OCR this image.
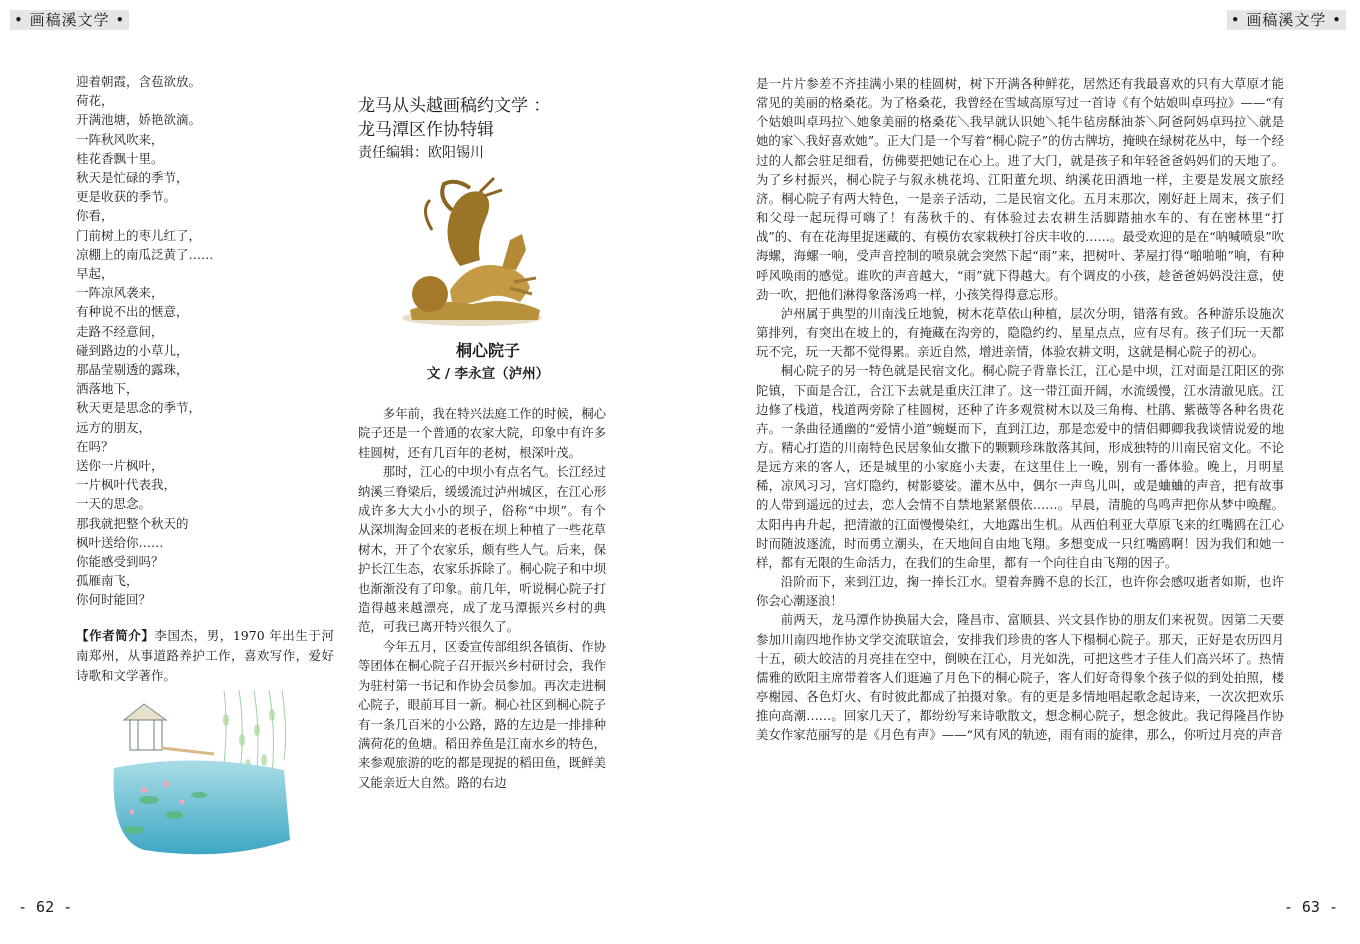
• 画稿溪文学 •	• 画稿溪文学 •
迎着朝霞，含苞欲放。
荷花，
开满池塘，娇艳欲滴。
一阵秋风吹来，
桂花香飘十里。
秋天是忙碌的季节，
更是收获的季节。
你看，
门前树上的枣儿红了，
凉棚上的南瓜泛黄了……
早起，
一阵凉风袭来，
有种说不出的惬意，
走路不经意间，
碰到路边的小草儿，
那晶莹剔透的露珠，
洒落地下，
秋天更是思念的季节，
远方的朋友，
在吗？
送你一片枫叶，
一片枫叶代表我，
一天的思念。
那我就把整个秋天的
枫叶送给你……
你能感受到吗？
孤雁南飞，
你何时能回？
【作者简介】李国杰，男，1970 年出生于河南郑州，从事道路养护工作，喜欢写作，爱好诗歌和文学著作。
龙马从头越画稿约文学 ：
龙马潭区作协特辑
责任编辑：欧阳锡川
桐心院子
文 / 李永宣（泸州）

多年前，我在特兴法庭工作的时候，桐心院子还是一个普通的农家大院，印象中有许多桂圆树，还有几百年的老树，根深叶茂。

那时，江心的中坝小有点名气。长江经过纳溪三脊梁后，缓缓流过泸州城区，在江心形成许多大大小小的坝子，俗称“中坝”。有个从深圳淘金回来的老板在坝上种植了一些花草树木，开了个农家乐，颇有些人气。后来，保护长江生态，农家乐拆除了。桐心院子和中坝也渐渐没有了印象。前几年，听说桐心院子打造得越来越漂亮，成了龙马潭振兴乡村的典范，可我已离开特兴很久了。

今年五月，区委宣传部组织各镇街、作协等团体在桐心院子召开振兴乡村研讨会，我作为驻村第一书记和作协会员参加。再次走进桐心院子，眼前耳目一新。桐心社区到桐心院子有一条几百米的小公路，路的左边是一排排种满荷花的鱼塘。稻田养鱼是江南水乡的特色，来参观旅游的吃的都是现捉的稻田鱼，既鲜美又能亲近大自然。路的右边

是一片片参差不齐挂满小果的桂圆树，树下开满各种鲜花，居然还有我最喜欢的只有大草原才能常见的美丽的格桑花。为了格桑花，我曾经在雪域高原写过一首诗《有个姑娘叫卓玛拉》——“有个姑娘叫卓玛拉＼她象美丽的格桑花＼我早就认识她＼牦牛毡房酥油茶＼阿爸阿妈卓玛拉＼就是她的家＼我好喜欢她”。正大门是一个写着“桐心院子”的仿古牌坊，掩映在绿树花丛中，每一个经过的人都会驻足细看，仿佛要把她记在心上。进了大门，就是孩子和年轻爸爸妈妈们的天地了。为了乡村振兴，桐心院子与叙永桃花坞、江阳董允坝、纳溪花田酒地一样，主要是发展文旅经济。桐心院子有两大特色，一是亲子活动，二是民宿文化。五月末那次，刚好赶上周末，孩子们和父母一起玩得可嗨了！有荡秋千的、有体验过去农耕生活脚踏抽水车的、有在密林里“打战”的、有在花海里捉迷藏的、有模仿农家栽秧打谷庆丰收的……。最受欢迎的是在“呐喊喷泉”吹海螺，海螺一响，受声音控制的喷泉就会突然下起“雨”来，把树叶、茅屋打得“啪啪啪”响，有种呼风唤雨的感觉。谁吹的声音越大，“雨”就下得越大。有个调皮的小孩，趁爸爸妈妈没注意，使劲一吹，把他们淋得象落汤鸡一样，小孩笑得得意忘形。

泸州属于典型的川南浅丘地貌，树木花草依山种植，层次分明，错落有致。各种游乐设施次第排列，有突出在坡上的，有掩藏在沟旁的，隐隐约约、星星点点，应有尽有。孩子们玩一天都玩不完，玩一天都不觉得累。亲近自然，增进亲情，体验农耕文明，这就是桐心院子的初心。

桐心院子的另一特色就是民宿文化。桐心院子背靠长江，江心是中坝，江对面是江阳区的弥陀镇，下面是合江，合江下去就是重庆江津了。这一带江面开阔，水流缓慢，江水清澈见底。江边修了栈道，栈道两旁除了桂圆树，还种了许多观赏树木以及三角梅、杜鹃、紫薇等各种名贵花卉。一条曲径通幽的“爱情小道”蜿蜒而下，直到江边，那是恋爱中的情侣卿卿我我谈情说爱的地方。精心打造的川南特色民居象仙女撒下的颗颗珍珠散落其间，形成独特的川南民宿文化。不论是远方来的客人，还是城里的小家庭小夫妻，在这里住上一晚，别有一番体验。晚上，月明星稀，凉风习习，宫灯隐约，树影婆娑。灌木丛中，偶尔一声鸟儿叫，或是蛐蛐的声音，把有故事的人带到遥远的过去，恋人会情不自禁地紧紧偎依……。早晨，清脆的鸟鸣声把你从梦中唤醒。太阳冉冉升起，把清澈的江面慢慢染红，大地露出生机。从西伯利亚大草原飞来的红嘴鸥在江心时而随波逐流，时而勇立潮头，在天地间自由地飞翔。多想变成一只红嘴鸥啊！因为我们和她一样，都有无限的生命活力，在我们的生命里，都有一个向往自由飞翔的因子。

沿阶而下，来到江边，掬一捧长江水。望着奔腾不息的长江，也许你会感叹逝者如斯，也许你会心潮逐浪！

前两天，龙马潭作协换届大会，隆昌市、富顺县、兴文县作协的朋友们来祝贺。因第二天要参加川南四地作协文学交流联谊会，安排我们珍贵的客人下榻桐心院子。那天，正好是农历四月十五，硕大皎洁的月亮挂在空中，倒映在江心，月光如洗，可把这些才子佳人们高兴坏了。热情儒雅的欧阳主席带着客人们逛遍了月色下的桐心院子，客人们好奇得象个孩子似的到处拍照，楼亭榭园、各色灯火、有时彼此都成了拍摄对象。有的更是多情地唱起歌念起诗来，一次次把欢乐推向高潮……。回家几天了，都纷纷写来诗歌散文，想念桐心院子，想念彼此。我记得隆昌作协美女作家范丽写的是《月色有声》——“风有风的轨迹，雨有雨的旋律，那么，你听过月亮的声音

- 62 -	- 63 -
